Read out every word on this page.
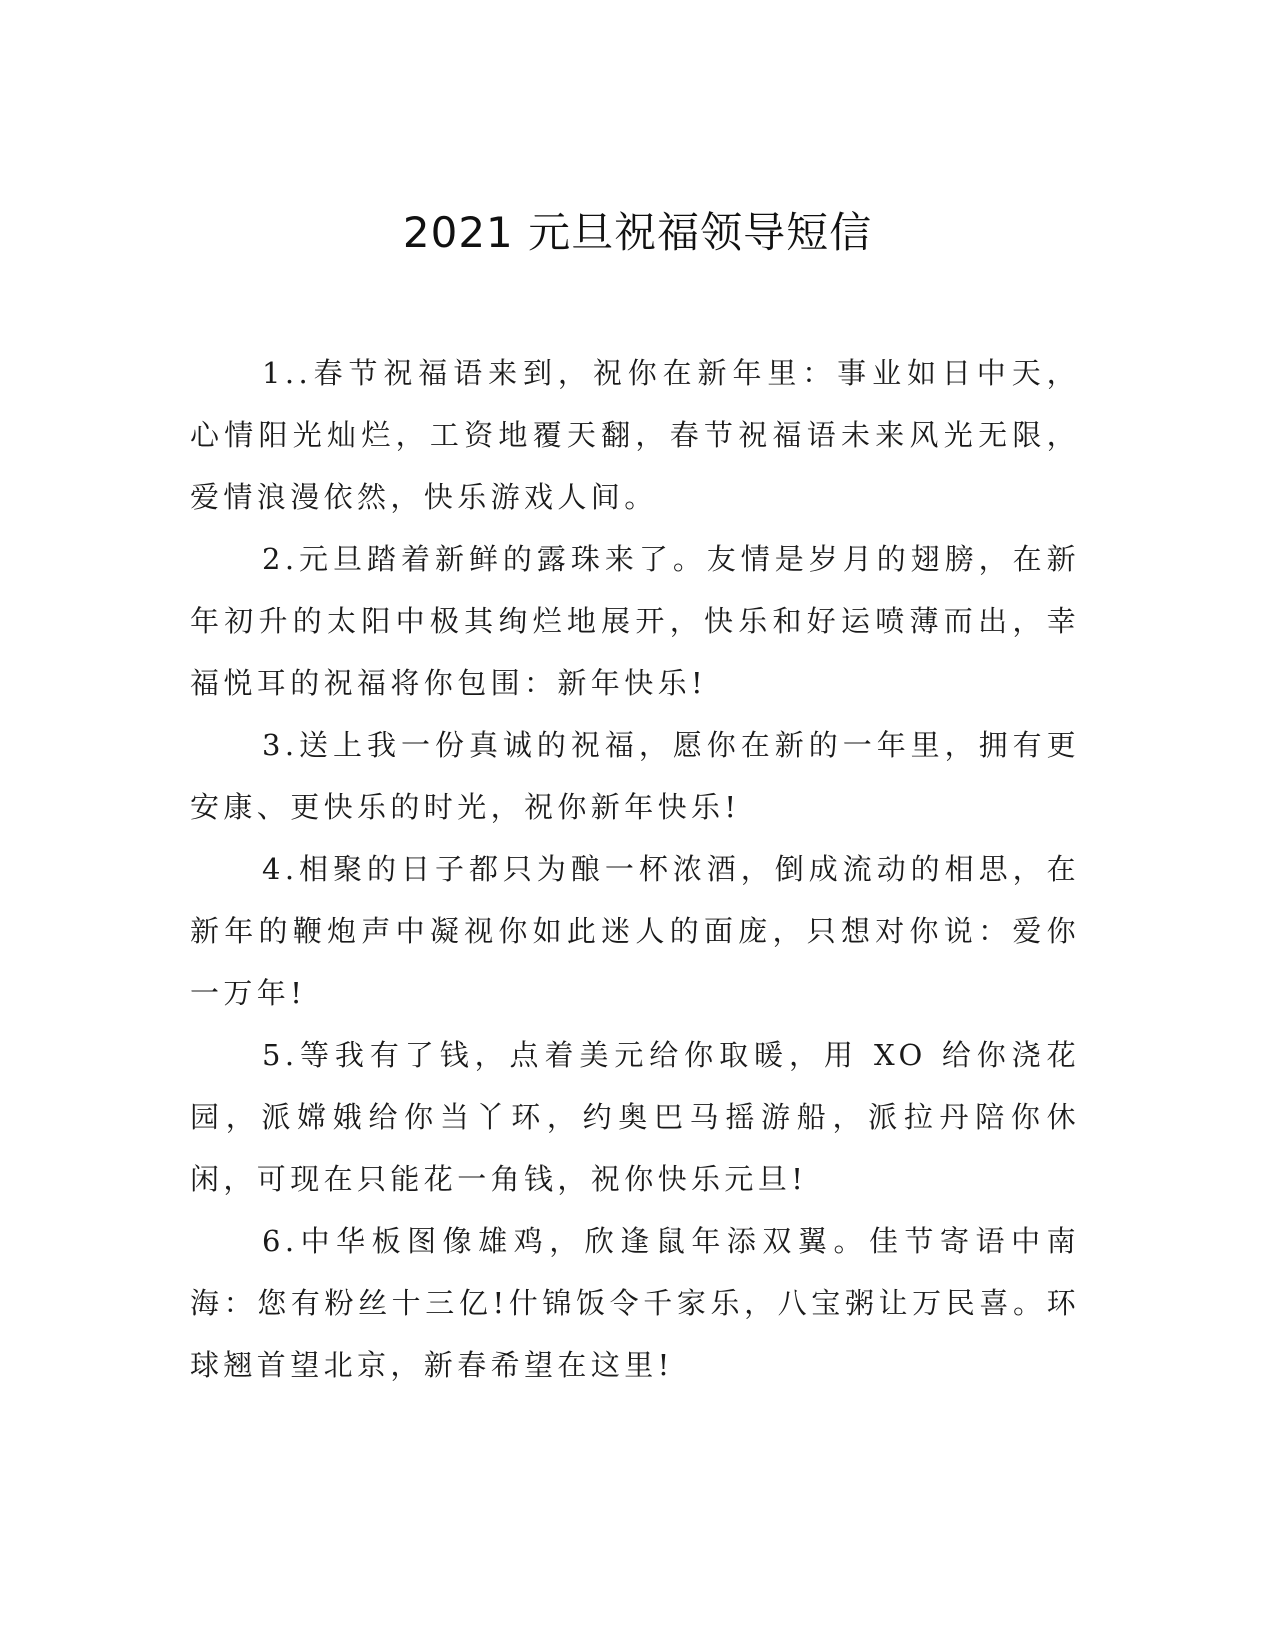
2021 元旦祝福领导短信

1..春节祝福语来到，祝你在新年里：事业如日中天，心情阳光灿烂，工资地覆天翻，春节祝福语未来风光无限，爱情浪漫依然，快乐游戏人间。

2.元旦踏着新鲜的露珠来了。友情是岁月的翅膀，在新年初升的太阳中极其绚烂地展开，快乐和好运喷薄而出，幸福悦耳的祝福将你包围：新年快乐!

3.送上我一份真诚的祝福，愿你在新的一年里，拥有更安康、更快乐的时光，祝你新年快乐!

4.相聚的日子都只为酿一杯浓酒，倒成流动的相思，在新年的鞭炮声中凝视你如此迷人的面庞，只想对你说：爱你一万年!

5.等我有了钱，点着美元给你取暖，用 XO 给你浇花园，派嫦娥给你当丫环，约奥巴马摇游船，派拉丹陪你休闲，可现在只能花一角钱，祝你快乐元旦!

6.中华板图像雄鸡，欣逢鼠年添双翼。佳节寄语中南海：您有粉丝十三亿!什锦饭令千家乐，八宝粥让万民喜。环球翘首望北京，新春希望在这里!
